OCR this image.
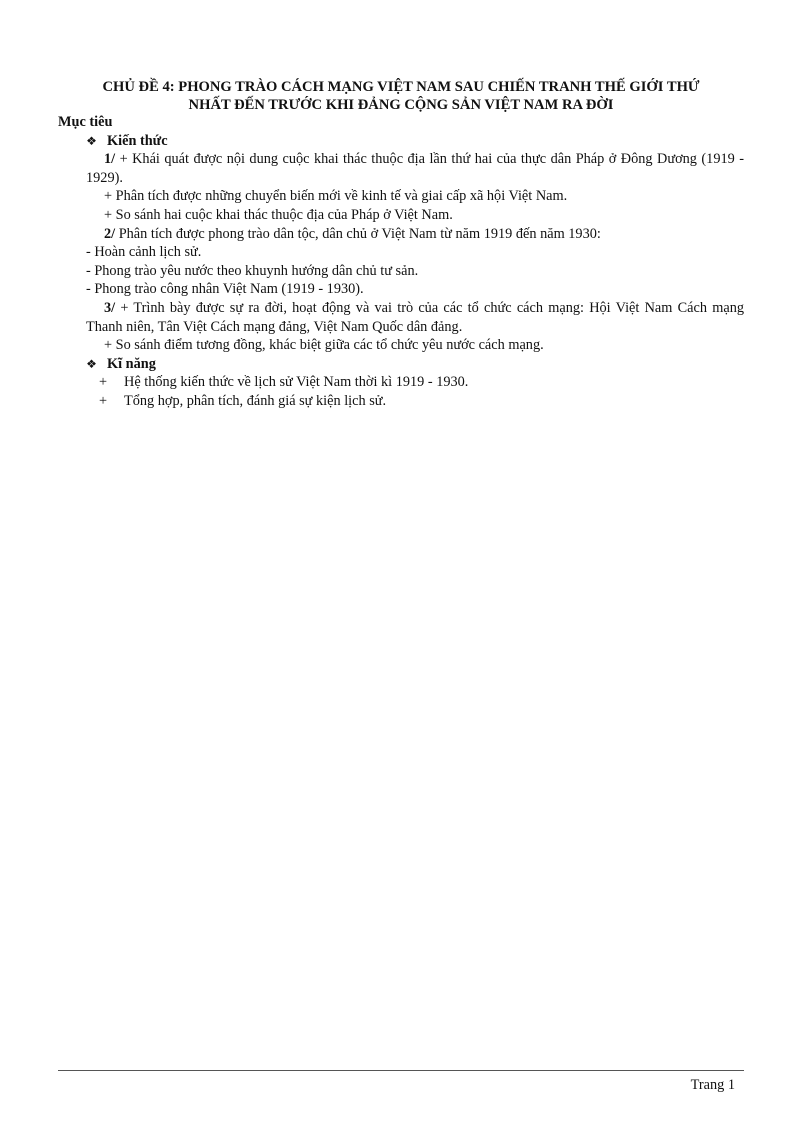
CHỦ ĐỀ 4: PHONG TRÀO CÁCH MẠNG VIỆT NAM SAU CHIẾN TRANH THẾ GIỚI THỨ
NHẤT ĐẾN TRƯỚC KHI ĐẢNG CỘNG SẢN VIỆT NAM RA ĐỜI
Mục tiêu
❖ Kiến thức
1/ + Khái quát được nội dung cuộc khai thác thuộc địa lần thứ hai của thực dân Pháp ở Đông Dương (1919 - 1929).
+ Phân tích được những chuyển biến mới về kinh tế và giai cấp xã hội Việt Nam.
+ So sánh hai cuộc khai thác thuộc địa của Pháp ở Việt Nam.
2/ Phân tích được phong trào dân tộc, dân chủ ở Việt Nam từ năm 1919 đến năm 1930:
- Hoàn cảnh lịch sử.
- Phong trào yêu nước theo khuynh hướng dân chủ tư sản.
- Phong trào công nhân Việt Nam (1919 - 1930).
3/ + Trình bày được sự ra đời, hoạt động và vai trò của các tổ chức cách mạng: Hội Việt Nam Cách mạng Thanh niên, Tân Việt Cách mạng đảng, Việt Nam Quốc dân đảng.
+ So sánh điểm tương đồng, khác biệt giữa các tổ chức yêu nước cách mạng.
❖ Kĩ năng
+	Hệ thống kiến thức về lịch sử Việt Nam thời kì 1919 - 1930.
+	Tổng hợp, phân tích, đánh giá sự kiện lịch sử.
Trang 1
